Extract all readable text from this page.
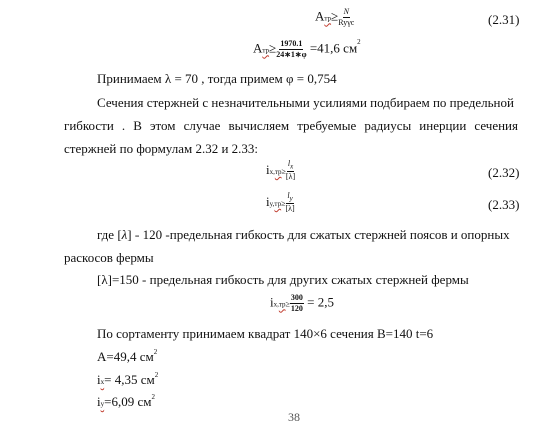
$Aтр\ge \frac{N}{\text{Ryγc}}$	(2.31)
$Aтр\ge \frac{1970.1}{24∗1∗\varphi} =41,6$ $см^2$
Принимаем λ = 70 , тогда примем φ = 0,754
Сечения стержней с незначительными усилиями подбираем по предельной
гибкости . В этом случае вычисляем требуемые радиусы инерции сечения
стержней по формулам 2.32 и 2.33:
$ix,тр\ge \frac{l_x}{[\lambda]}$	(2.32)
$iy,тр\ge \frac{l_y}{[\lambda]}$	(2.33)
где [λ] = 120 -предельная гибкость для сжатых стержней поясов и опорных
раскосов фермы
[λ]=150 - предельная гибкость для других сжатых стержней фермы
$ix,тр\ge \frac{300}{120} = 2,5$
По сортаменту принимаем квадрат 140×6 сечения В=140 t=6
A=49,4 $см^2$
ix= 4,35 $см^2$
iy=6,09 $см^2$
38
